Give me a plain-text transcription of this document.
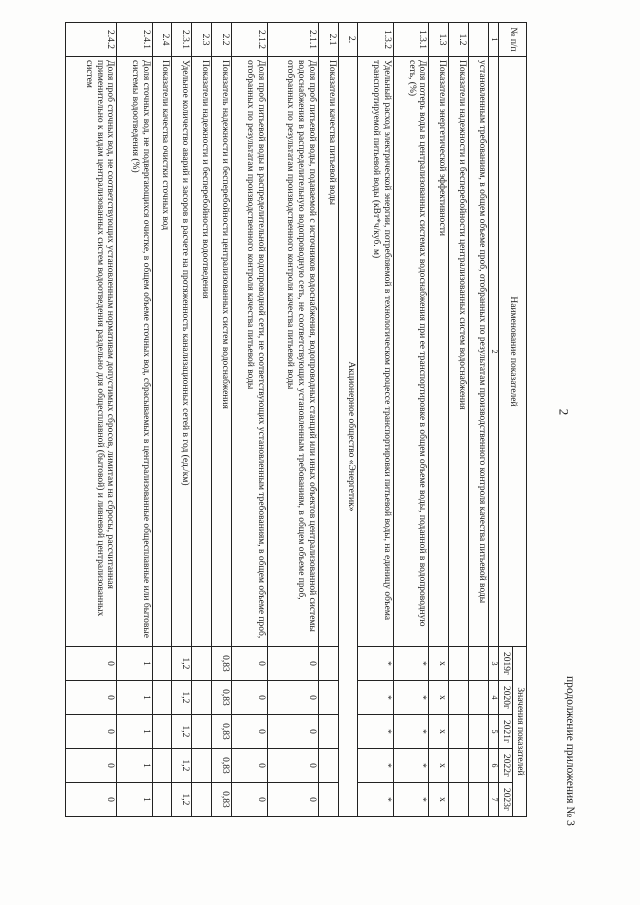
2
продолжение приложения № 3
№ п/п	Наименование показателей	Значения показателей				
		2019г	2020г	2021г	2022г	2023г
1	2	3	4	5	6	7
	установленным требованиям, в общем объеме проб, отобранных по результатам производственного контроля качества питьевой воды					
1.2	Показатели надежности и бесперебойности централизованных систем водоснабжения					
1.3	Показатели энергетической эффективности	x	x	x	x	x
1.3.1	Доля потерь воды в централизованных системах водоснабжения при ее транспортировке в общем объеме воды, поданной в водопроводную сеть, (%)	*	*	*	*	*
1.3.2	Удельный расход электрической энергии, потребляемой в технологическом процессе транспортировки питьевой воды, на единицу объема транспортируемой питьевой воды (кВт*ч/куб. м)	*	*	*	*	*
2.	Акционерное общество «Энергетик»					
2.1	Показатели качества питьевой воды					
2.1.1	Доля проб питьевой воды, подаваемой с источников водоснабжения, водопроводных станций или иных объектов централизованной системы водоснабжения в распределительную водопроводную сеть, не соответствующих установленным требованиям, в общем объеме проб, отобранных по результатам производственного контроля качества питьевой воды	0	0	0	0	0
2.1.2	Доля проб питьевой воды в распределительной водопроводной сети, не соответствующих установленным требованиям, в общем объеме проб, отобранных по результатам производственного контроля качества питьевой воды	0	0	0	0	0
2.2	Показатель надежности и бесперебойности централизованных систем водоснабжения	0,83	0,83	0,83	0,83	0,83
2.3	Показатели надежности и бесперебойности водоотведения					
2.3.1	Удельное количество аварий и засоров в расчете на протяженность канализационных сетей в год (ед./км)	1,2	1,2	1,2	1,2	1,2
2.4	Показатели качества очистки сточных вод					
2.4.1	Доля сточных вод, не подвергающихся очистке, в общем объеме сточных вод, сбрасываемых в централизованные общесплавные или бытовые системы водоотведения (%)	1	1	1	1	1
2.4.2	Доля проб сточных вод, не соответствующих установленным нормативам допустимых сбросов, лимитам на сбросы, рассчитанная применительно к видам централизованных систем водоотведения раздельно для общесплавной (бытовой) и ливневой централизованных систем	0	0	0	0	0
